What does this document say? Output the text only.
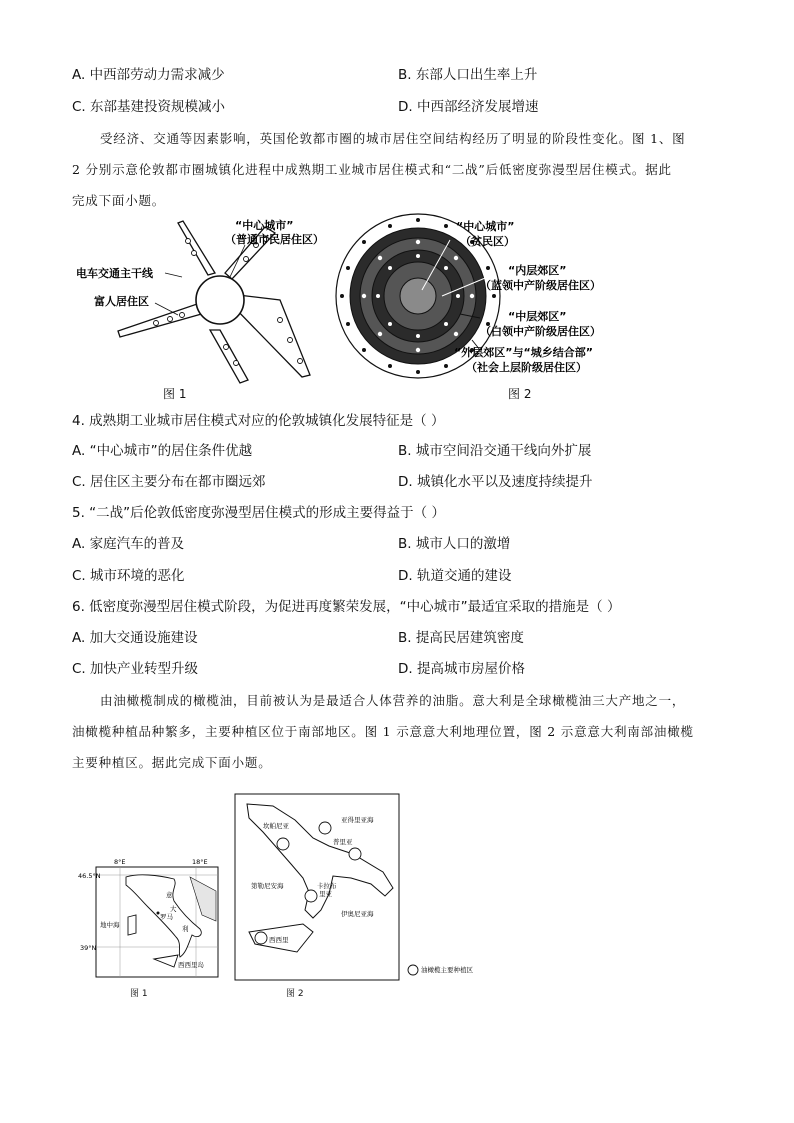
A. 中西部劳动力需求减少	B. 东部人口出生率上升
C. 东部基建投资规模减小	D. 中西部经济发展增速
受经济、交通等因素影响，英国伦敦都市圈的城市居住空间结构经历了明显的阶段性变化。图 1、图
2 分别示意伦敦都市圈城镇化进程中成熟期工业城市居住模式和“二战”后低密度弥漫型居住模式。据此
完成下面小题。
“中心城市”
（普通市民居住区）
电车交通主干线
富人居住区
图 1
“中心城市”
（贫民区）
“内层郊区”
（蓝领中产阶级居住区）
“中层郊区”
（白领中产阶级居住区）
“外层郊区”与“城乡结合部”
（社会上层阶级居住区）
图 2
4. 成熟期工业城市居住模式对应的伦敦城镇化发展特征是（ ）
A. “中心城市”的居住条件优越	B. 城市空间沿交通干线向外扩展
C. 居住区主要分布在都市圈远郊	D. 城镇化水平以及速度持续提升
5. “二战”后伦敦低密度弥漫型居住模式的形成主要得益于（ ）
A. 家庭汽车的普及	B. 城市人口的激增
C. 城市环境的恶化	D. 轨道交通的建设
6. 低密度弥漫型居住模式阶段，为促进再度繁荣发展，“中心城市”最适宜采取的措施是（ ）
A. 加大交通设施建设	B. 提高民居建筑密度
C. 加快产业转型升级	D. 提高城市房屋价格
由油橄榄制成的橄榄油，目前被认为是最适合人体营养的油脂。意大利是全球橄榄油三大产地之一，
油橄榄种植品种繁多，主要种植区位于南部地区。图 1 示意意大利地理位置，图 2 示意意大利南部油橄榄
主要种植区。据此完成下面小题。
8°E	18°E
46.5°N
39°N
意
大
罗马
利
地中海
西西里岛
图 1
亚得里亚海
坎帕尼亚
普里亚
第勒尼安海	卡拉布
里亚
伊奥尼亚海
西西里
油橄榄主要种植区
图 2
